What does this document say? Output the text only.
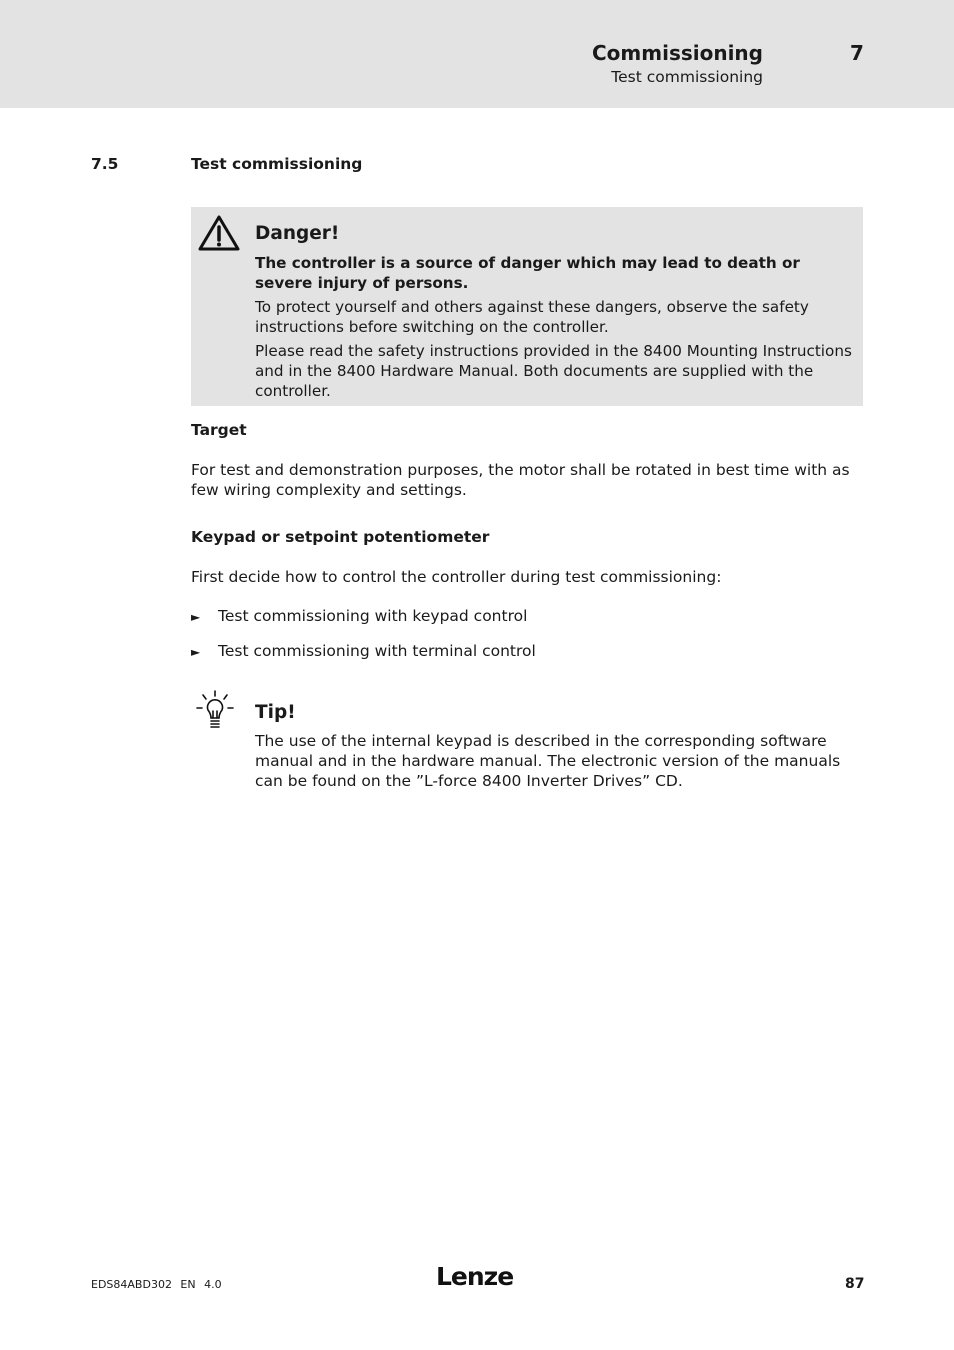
Commissioning	7
Test commissioning
7.5	Test commissioning
Danger!

The controller is a source of danger which may lead to death or severe injury of persons.

To protect yourself and others against these dangers, observe the safety instructions before switching on the controller.

Please read the safety instructions provided in the 8400 Mounting Instructions and in the 8400 Hardware Manual. Both documents are supplied with the controller.

Target
For test and demonstration purposes, the motor shall be rotated in best time with as few wiring complexity and settings.
Keypad or setpoint potentiometer
First decide how to control the controller during test commissioning:
► Test commissioning with keypad control
► Test commissioning with terminal control
Tip!
The use of the internal keypad is described in the corresponding software manual and in the hardware manual. The electronic version of the manuals can be found on the ”L-force 8400 Inverter Drives” CD.
EDS84ABD302 EN 4.0	Lenze	87
